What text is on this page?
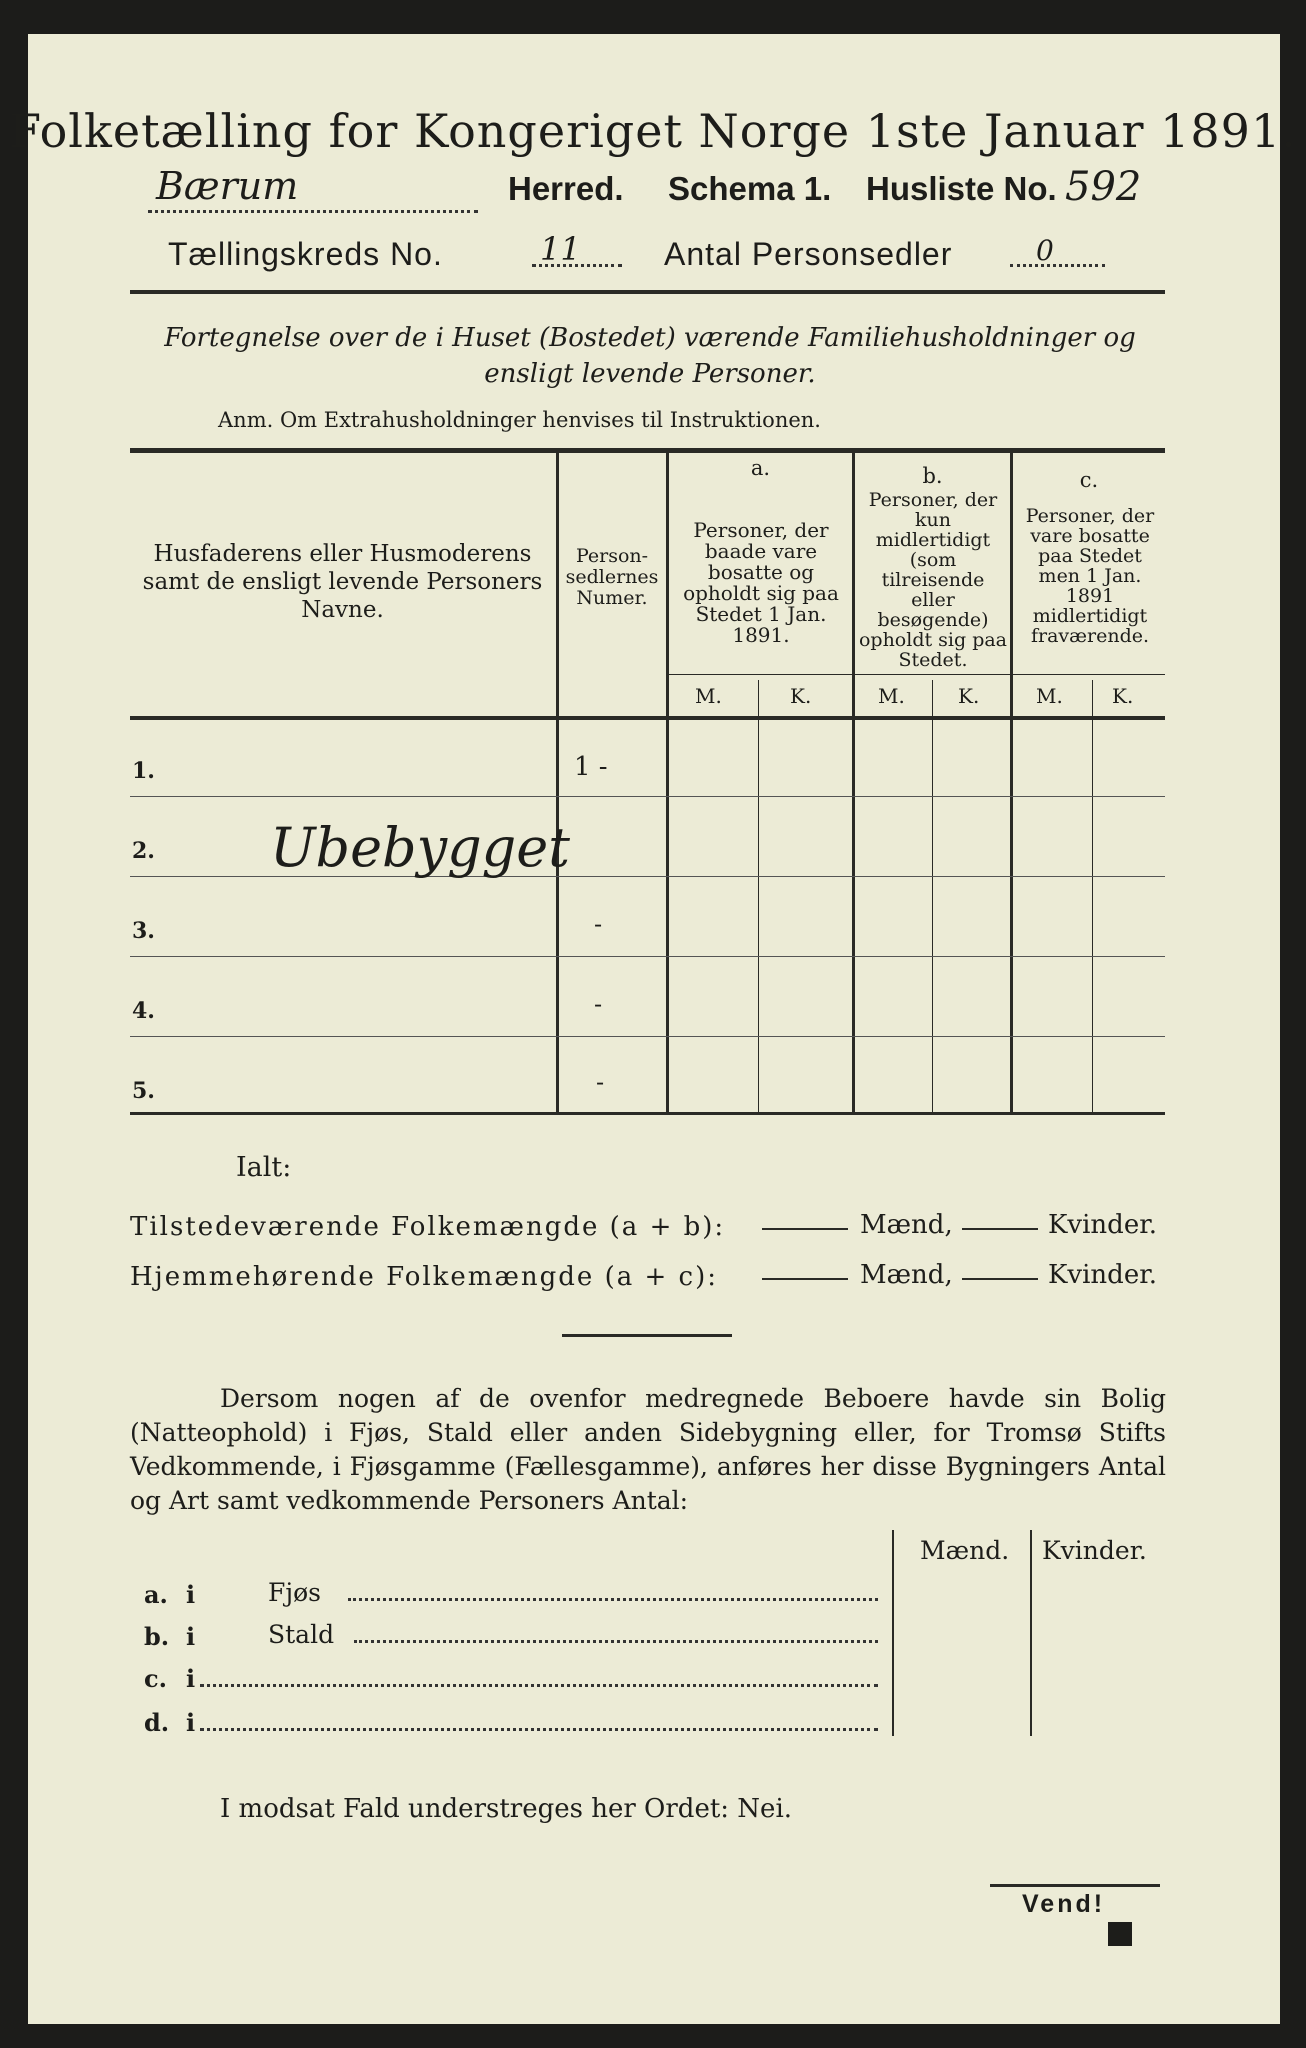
Folketælling for Kongeriget Norge 1ste Januar 1891.
Bærum	Herred. Schema 1. Husliste No. 592
Tællingskreds No.	11	Antal Personsedler	0
Fortegnelse over de i Huset (Bostedet) værende Familiehusholdninger og ensligt levende Personer.
Anm. Om Extrahusholdninger henvises til Instruktionen.
Husfaderens eller Husmoderens samt de ensligt levende Personers Navne.
Person-sedlernes Numer.
a.
Personer, der baade vare bosatte og opholdt sig paa Stedet 1 Jan. 1891.
b.
Personer, der kun midlertidigt (som tilreisende eller besøgende) opholdt sig paa Stedet.
c.
Personer, der vare bosatte paa Stedet men 1 Jan. 1891 midlertidigt fraværende.
M.	K.	M.	K.	M. K.
1.	1 -
2. Ubebygget
3.	-
4.	-
5.	-
Ialt:
Tilstedeværende Folkemængde (a + b):	Mænd,	Kvinder.
Hjemmehørende Folkemængde (a + c):	Mænd,	Kvinder.
Dersom nogen af de ovenfor medregnede Beboere havde sin Bolig (Natteophold) i Fjøs, Stald eller anden Sidebygning eller, for Tromsø Stifts Vedkommende, i Fjøsgamme (Fællesgamme), anføres her disse Bygningers Antal og Art samt vedkommende Personers Antal:
Mænd. Kvinder.
a. i	Fjøs
b. i	Stald
c. i
d. i
I modsat Fald understreges her Ordet: Nei.
Vend!
